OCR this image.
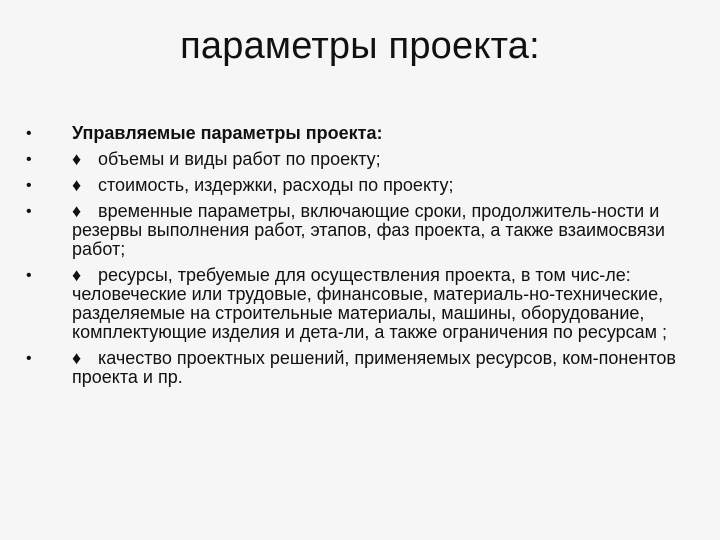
параметры проекта:
•	Управляемые параметры проекта:
•	♦ объемы и виды работ по проекту;
•	♦ стоимость, издержки, расходы по проекту;
•	♦ временные параметры, включающие сроки, продолжитель-ности и резервы выполнения работ, этапов, фаз проекта, а также взаимосвязи работ;
•	♦ ресурсы, требуемые для осуществления проекта, в том чис-ле: человеческие или трудовые, финансовые, материаль-но-технические, разделяемые на строительные материалы, машины, оборудование, комплектующие изделия и дета-ли, а также ограничения по ресурсам ;
•	♦ качество проектных решений, применяемых ресурсов, ком-понентов проекта и пр.
